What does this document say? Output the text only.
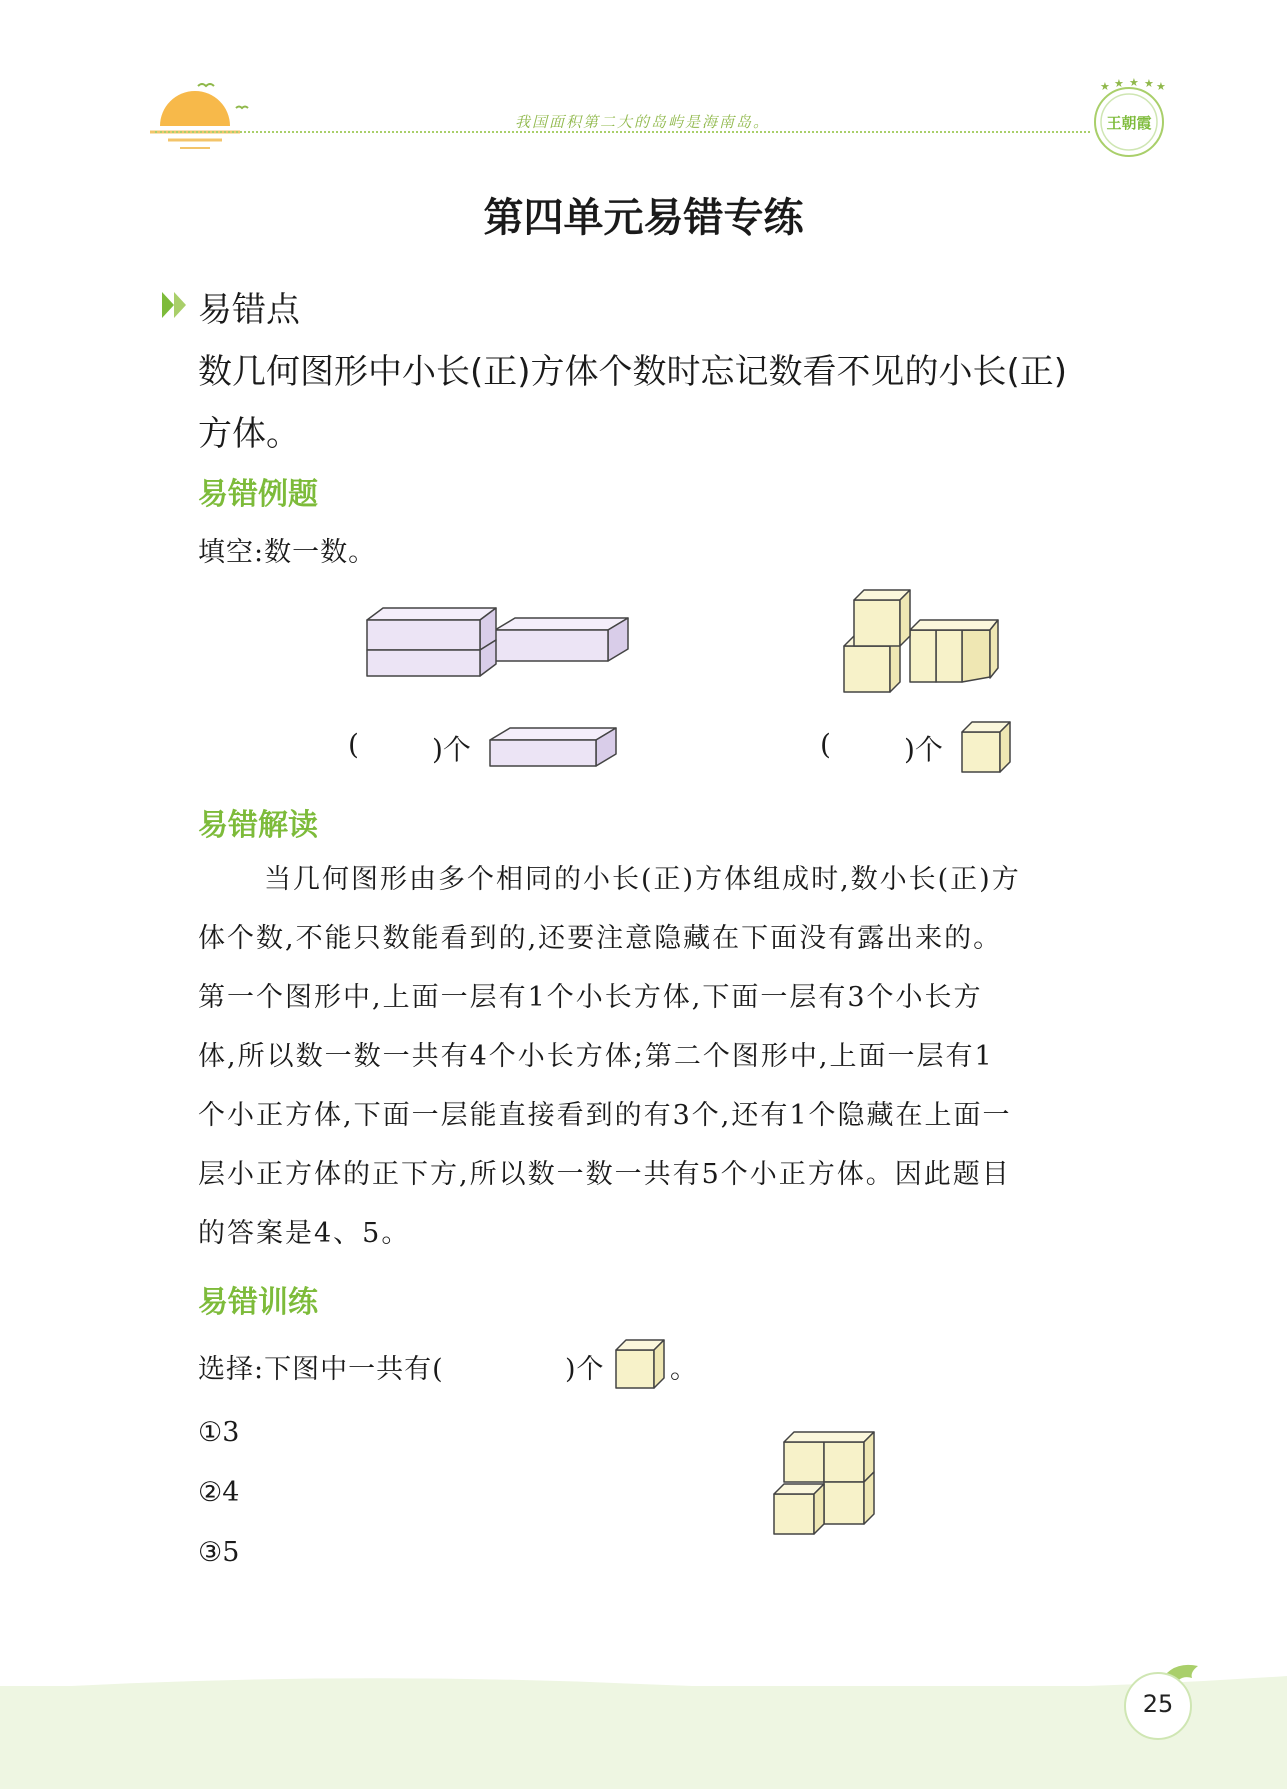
我国面积第二大的岛屿是海南岛。
★ ★ ★ ★ ★
王朝霞
第四单元易错专练
易错点
数几何图形中小长(正)方体个数时忘记数看不见的小长(正)
方体。
易错例题
填空:数一数。
(	)个	(	)个
易错解读
当几何图形由多个相同的小长(正)方体组成时,数小长(正)方
体个数,不能只数能看到的,还要注意隐藏在下面没有露出来的。
第一个图形中,上面一层有1个小长方体,下面一层有3个小长方
体,所以数一数一共有4个小长方体;第二个图形中,上面一层有1
个小正方体,下面一层能直接看到的有3个,还有1个隐藏在上面一
层小正方体的正下方,所以数一数一共有5个小正方体。因此题目
的答案是4、5。
易错训练
选择:下图中一共有(	)个 。
①3
②4
③5
25
